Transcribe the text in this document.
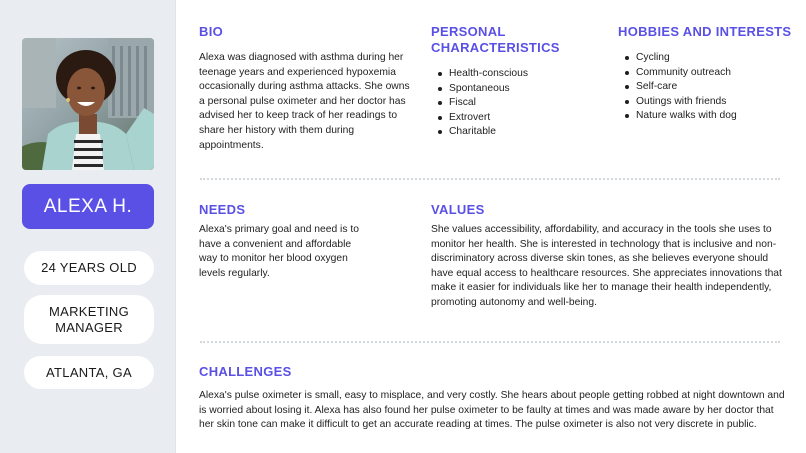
ALEXA H.
24 YEARS OLD
MARKETING MANAGER
ATLANTA, GA
BIO

Alexa was diagnosed with asthma during her teenage years and experienced hypoxemia occasionally during asthma attacks. She owns a personal pulse oximeter and her doctor has advised her to keep track of her readings to share her history with them during appointments.

PERSONAL CHARACTERISTICS
Health-conscious
Spontaneous
Fiscal
Extrovert
Charitable
HOBBIES AND INTERESTS
Cycling
Community outreach
Self-care
Outings with friends
Nature walks with dog
NEEDS

Alexa's primary goal and need is to have a convenient and affordable way to monitor her blood oxygen levels regularly.

VALUES

She values accessibility, affordability, and accuracy in the tools she uses to monitor her health. She is interested in technology that is inclusive and non-discriminatory across diverse skin tones, as she believes everyone should have equal access to healthcare resources. She appreciates innovations that make it easier for individuals like her to manage their health independently, promoting autonomy and well-being.

CHALLENGES

Alexa's pulse oximeter is small, easy to misplace, and very costly. She hears about people getting robbed at night downtown and is worried about losing it. Alexa has also found her pulse oximeter to be faulty at times and was made aware by her doctor that her skin tone can make it difficult to get an accurate reading at times. The pulse oximeter is also not very discrete in public.
